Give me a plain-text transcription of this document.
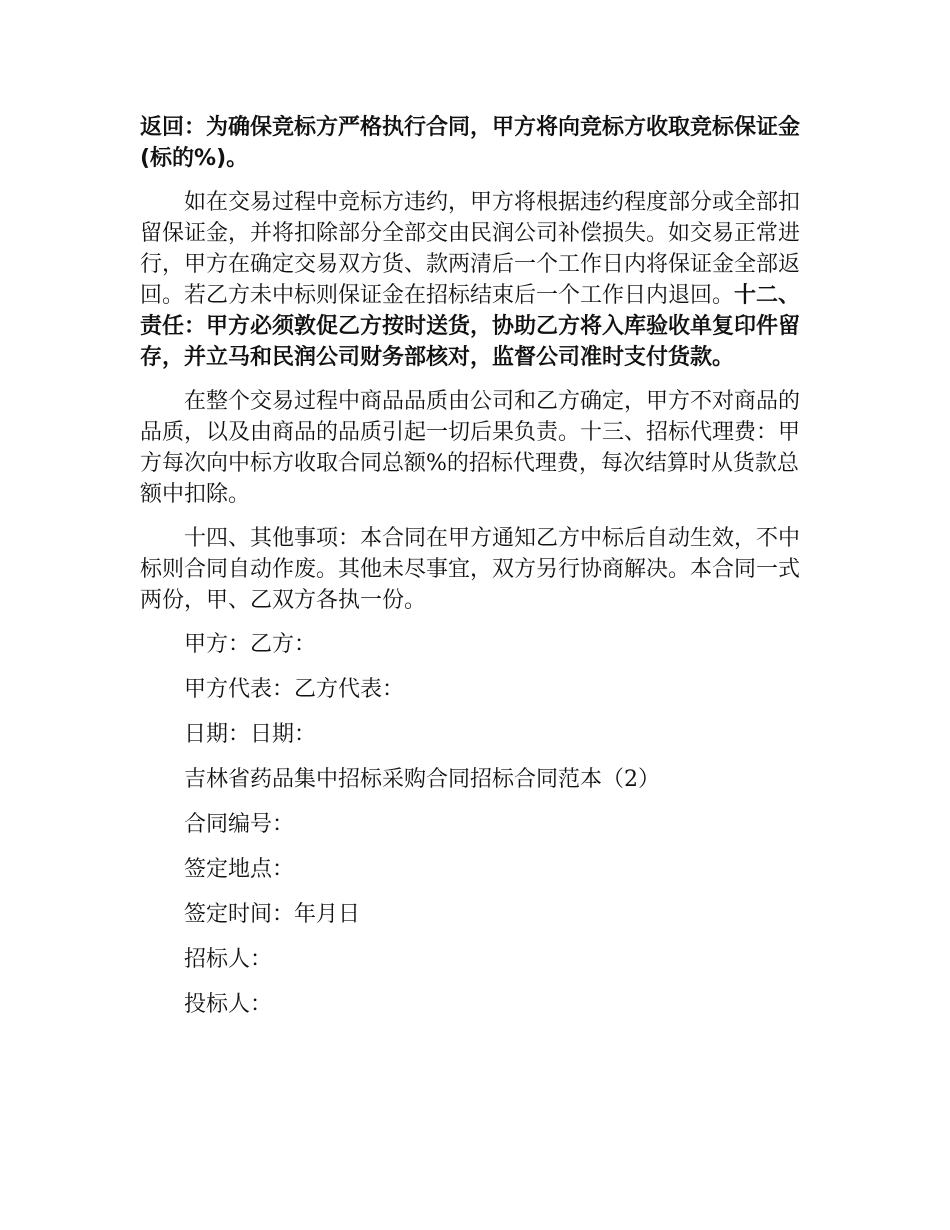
返回：为确保竞标方严格执行合同，甲方将向竞标方收取竞标保证金(标的%)。

如在交易过程中竞标方违约，甲方将根据违约程度部分或全部扣留保证金，并将扣除部分全部交由民润公司补偿损失。如交易正常进行，甲方在确定交易双方货、款两清后一个工作日内将保证金全部返回。若乙方未中标则保证金在招标结束后一个工作日内退回。十二、责任：甲方必须敦促乙方按时送货，协助乙方将入库验收单复印件留存，并立马和民润公司财务部核对，监督公司准时支付货款。

在整个交易过程中商品品质由公司和乙方确定，甲方不对商品的品质，以及由商品的品质引起一切后果负责。十三、招标代理费：甲方每次向中标方收取合同总额%的招标代理费，每次结算时从货款总额中扣除。

十四、其他事项：本合同在甲方通知乙方中标后自动生效，不中标则合同自动作废。其他未尽事宜，双方另行协商解决。本合同一式两份，甲、乙双方各执一份。

甲方：乙方：

甲方代表：乙方代表：

日期：日期：

吉林省药品集中招标采购合同招标合同范本（2）

合同编号：

签定地点：

签定时间：年月日

招标人：

投标人：
